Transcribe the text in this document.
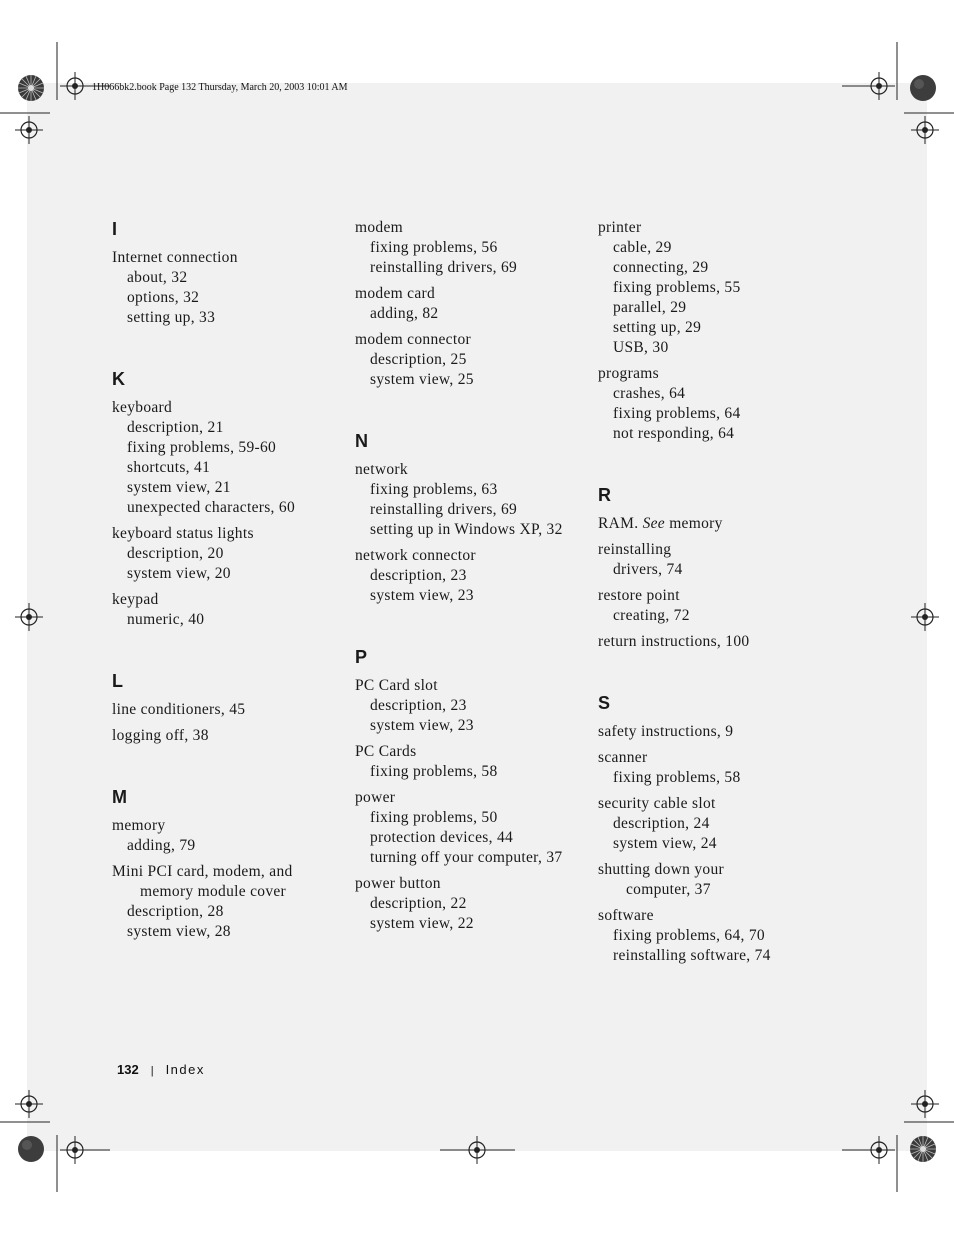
1H066bk2.book Page 132 Thursday, March 20, 2003 10:01 AM
I
Internet connection
about, 32
options, 32
setting up, 33
K
keyboard
description, 21
fixing problems, 59-60
shortcuts, 41
system view, 21
unexpected characters, 60
keyboard status lights
description, 20
system view, 20
keypad
numeric, 40
L
line conditioners, 45
logging off, 38
M
memory
adding, 79
Mini PCI card, modem, and
memory module cover
description, 28
system view, 28
modem
fixing problems, 56
reinstalling drivers, 69
modem card
adding, 82
modem connector
description, 25
system view, 25
N
network
fixing problems, 63
reinstalling drivers, 69
setting up in Windows XP, 32
network connector
description, 23
system view, 23
P
PC Card slot
description, 23
system view, 23
PC Cards
fixing problems, 58
power
fixing problems, 50
protection devices, 44
turning off your computer, 37
power button
description, 22
system view, 22
printer
cable, 29
connecting, 29
fixing problems, 55
parallel, 29
setting up, 29
USB, 30
programs
crashes, 64
fixing problems, 64
not responding, 64
R
RAM. See memory
reinstalling
drivers, 74
restore point
creating, 72
return instructions, 100
S
safety instructions, 9
scanner
fixing problems, 58
security cable slot
description, 24
system view, 24
shutting down your
computer, 37
software
fixing problems, 64, 70
reinstalling software, 74
132 | Index
